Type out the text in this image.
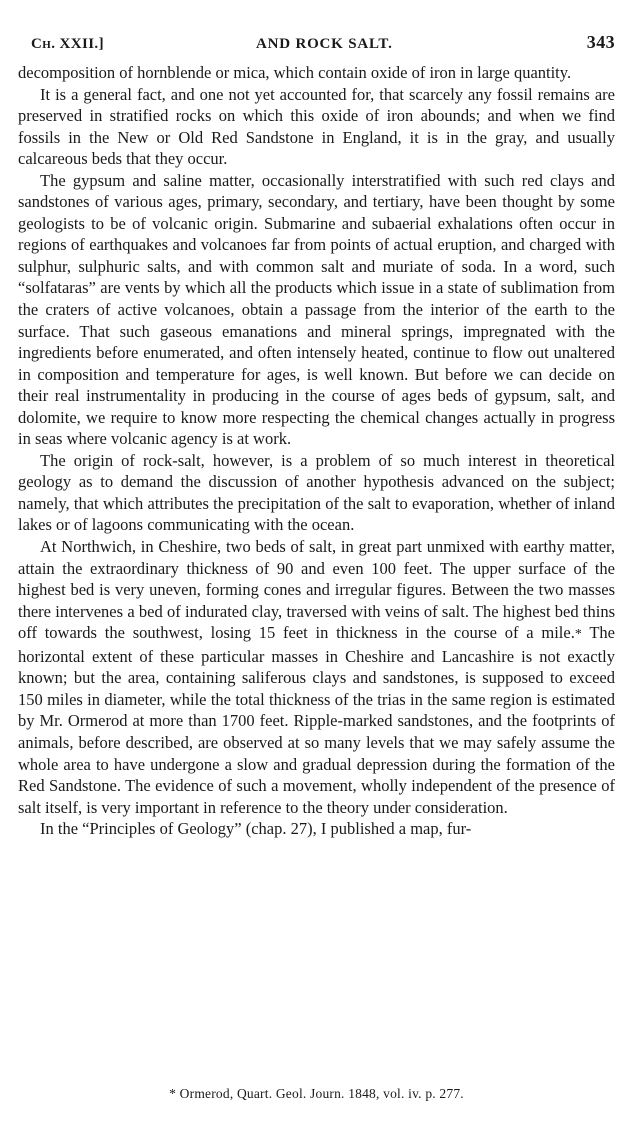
Ch. XXII.]	AND ROCK SALT.	343

decomposition of hornblende or mica, which contain oxide of iron in large quantity.

It is a general fact, and one not yet accounted for, that scarcely any fossil remains are preserved in stratified rocks on which this oxide of iron abounds; and when we find fossils in the New or Old Red Sandstone in England, it is in the gray, and usually calcareous beds that they occur.

The gypsum and saline matter, occasionally interstratified with such red clays and sandstones of various ages, primary, secondary, and tertiary, have been thought by some geologists to be of volcanic origin. Submarine and subaerial exhalations often occur in regions of earthquakes and volcanoes far from points of actual eruption, and charged with sulphur, sulphuric salts, and with common salt and muriate of soda. In a word, such “solfataras” are vents by which all the products which issue in a state of sublimation from the craters of active volcanoes, obtain a passage from the interior of the earth to the surface. That such gaseous emanations and mineral springs, impregnated with the ingredients before enumerated, and often intensely heated, continue to flow out unaltered in composition and temperature for ages, is well known. But before we can decide on their real instrumentality in producing in the course of ages beds of gypsum, salt, and dolomite, we require to know more respecting the chemical changes actually in progress in seas where volcanic agency is at work.

The origin of rock-salt, however, is a problem of so much interest in theoretical geology as to demand the discussion of another hypothesis advanced on the subject; namely, that which attributes the precipitation of the salt to evaporation, whether of inland lakes or of lagoons communicating with the ocean.

At Northwich, in Cheshire, two beds of salt, in great part unmixed with earthy matter, attain the extraordinary thickness of 90 and even 100 feet. The upper surface of the highest bed is very uneven, forming cones and irregular figures. Between the two masses there intervenes a bed of indurated clay, traversed with veins of salt. The highest bed thins off towards the southwest, losing 15 feet in thickness in the course of a mile.* The horizontal extent of these particular masses in Cheshire and Lancashire is not exactly known; but the area, containing saliferous clays and sandstones, is supposed to exceed 150 miles in diameter, while the total thickness of the trias in the same region is estimated by Mr. Ormerod at more than 1700 feet. Ripple-marked sandstones, and the footprints of animals, before described, are observed at so many levels that we may safely assume the whole area to have undergone a slow and gradual depression during the formation of the Red Sandstone. The evidence of such a movement, wholly independent of the presence of salt itself, is very important in reference to the theory under consideration.

In the “Principles of Geology” (chap. 27), I published a map, fur-

* Ormerod, Quart. Geol. Journ. 1848, vol. iv. p. 277.
